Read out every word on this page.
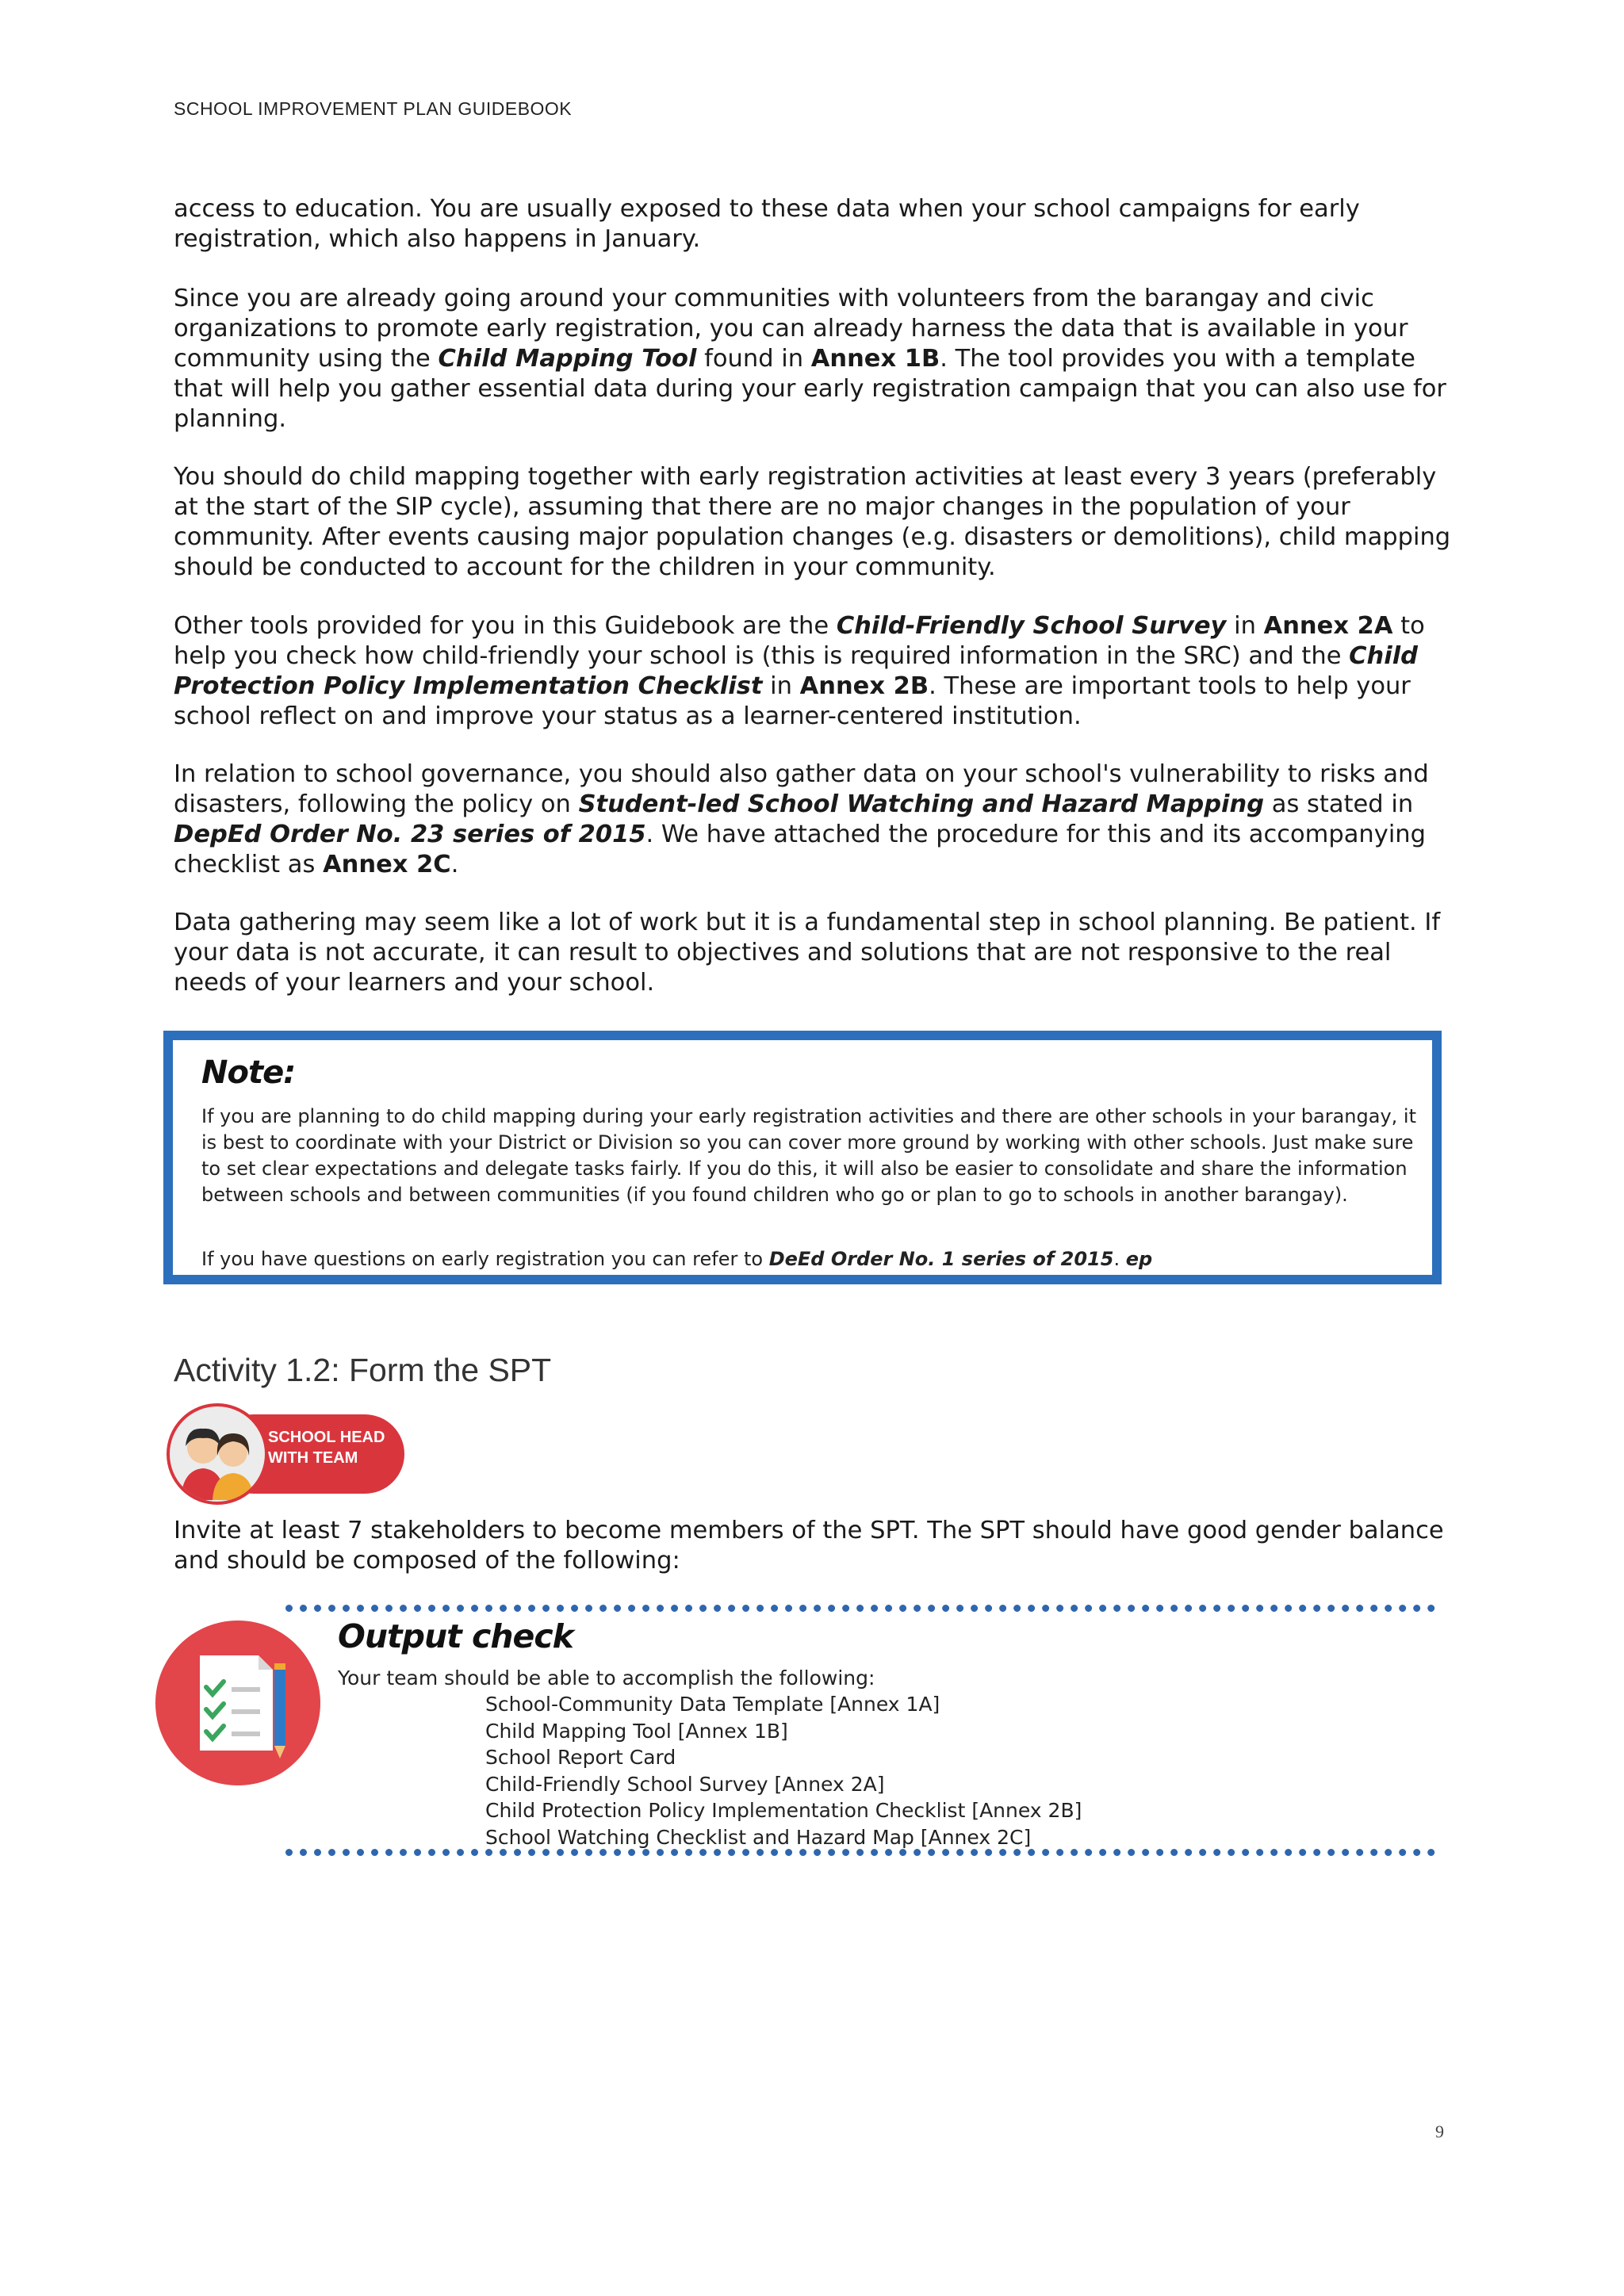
SCHOOL IMPROVEMENT PLAN GUIDEBOOK
access to education. You are usually exposed to these data when your school campaigns for early registration, which also happens in January.
Since you are already going around your communities with volunteers from the barangay and civic organizations to promote early registration, you can already harness the data that is available in your community using the Child Mapping Tool found in Annex 1B. The tool provides you with a template that will help you gather essential data during your early registration campaign that you can also use for planning.
You should do child mapping together with early registration activities at least every 3 years (preferably at the start of the SIP cycle), assuming that there are no major changes in the population of your community. After events causing major population changes (e.g. disasters or demolitions), child mapping should be conducted to account for the children in your community.
Other tools provided for you in this Guidebook are the Child-Friendly School Survey in Annex 2A to help you check how child-friendly your school is (this is required information in the SRC) and the Child Protection Policy Implementation Checklist in Annex 2B. These are important tools to help your school reflect on and improve your status as a learner-centered institution.
In relation to school governance, you should also gather data on your school's vulnerability to risks and disasters, following the policy on Student-led School Watching and Hazard Mapping as stated in DepEd Order No. 23 series of 2015. We have attached the procedure for this and its accompanying checklist as Annex 2C.
Data gathering may seem like a lot of work but it is a fundamental step in school planning. Be patient. If your data is not accurate, it can result to objectives and solutions that are not responsive to the real needs of your learners and your school.
Note:
If you are planning to do child mapping during your early registration activities and there are other schools in your barangay, it is best to coordinate with your District or Division so you can cover more ground by working with other schools. Just make sure to set clear expectations and delegate tasks fairly. If you do this, it will also be easier to consolidate and share the information between schools and between communities (if you found children who go or plan to go to schools in another barangay).
If you have questions on early registration you can refer to DeEd Order No. 1 series of 2015. ep
Activity 1.2: Form the SPT
SCHOOL HEAD
WITH TEAM
Invite at least 7 stakeholders to become members of the SPT. The SPT should have good gender balance and should be composed of the following:
Output check
Your team should be able to accomplish the following:
School-Community Data Template [Annex 1A]
Child Mapping Tool [Annex 1B]
School Report Card
Child-Friendly School Survey [Annex 2A]
Child Protection Policy Implementation Checklist [Annex 2B]
School Watching Checklist and Hazard Map [Annex 2C]
9
